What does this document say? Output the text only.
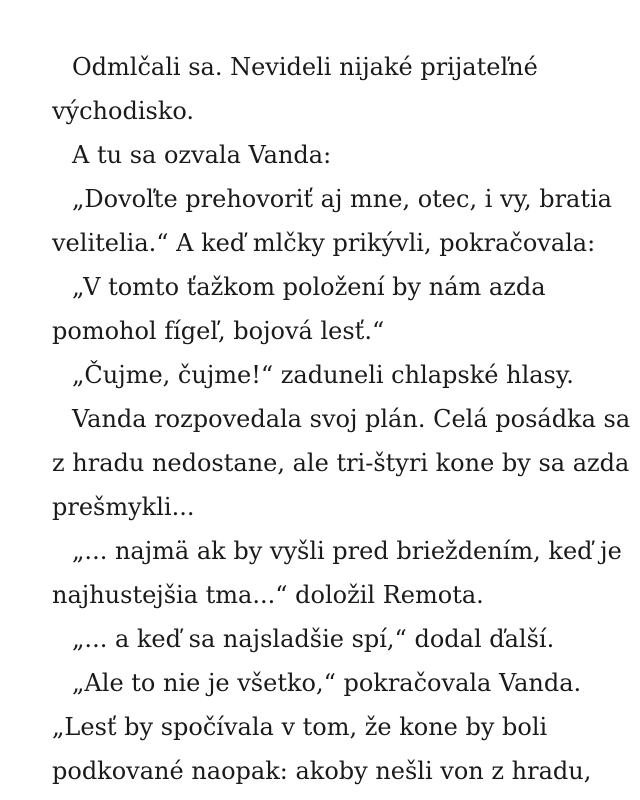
Odmlčali sa. Nevideli nijaké prijateľné
východisko.
A tu sa ozvala Vanda:
„Dovoľte prehovoriť aj mne, otec, i vy, bratia
velitelia.“ A keď mlčky prikývli, pokračovala:
„V tomto ťažkom položení by nám azda
pomohol fígeľ, bojová lesť.“
„Čujme, čujme!“ zaduneli chlapské hlasy.
Vanda rozpovedala svoj plán. Celá posádka sa
z hradu nedostane, ale tri-štyri kone by sa azda
prešmykli...
„... najmä ak by vyšli pred brieždením, keď je
najhustejšia tma...“ doložil Remota.
„... a keď sa najsladšie spí,“ dodal ďalší.
„Ale to nie je všetko,“ pokračovala Vanda.
„Lesť by spočívala v tom, že kone by boli
podkované naopak: akoby nešli von z hradu,
